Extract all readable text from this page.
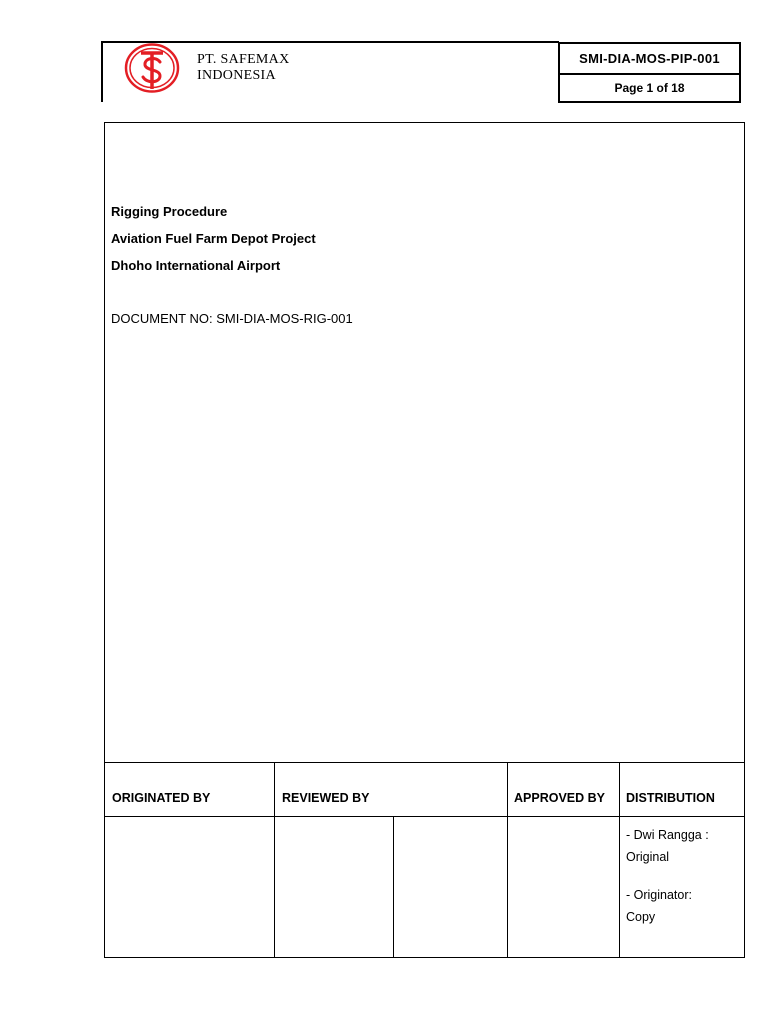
PT. SAFEMAX
INDONESIA
SMI-DIA-MOS-PIP-001
Page 1 of 18
Rigging Procedure
Aviation Fuel Farm Depot Project
Dhoho International Airport
DOCUMENT NO: SMI-DIA-MOS-RIG-001
ORIGINATED BY	REVIEWED BY	APPROVED BY DISTRIBUTION
- Dwi Rangga :
Original
- Originator:
Copy
